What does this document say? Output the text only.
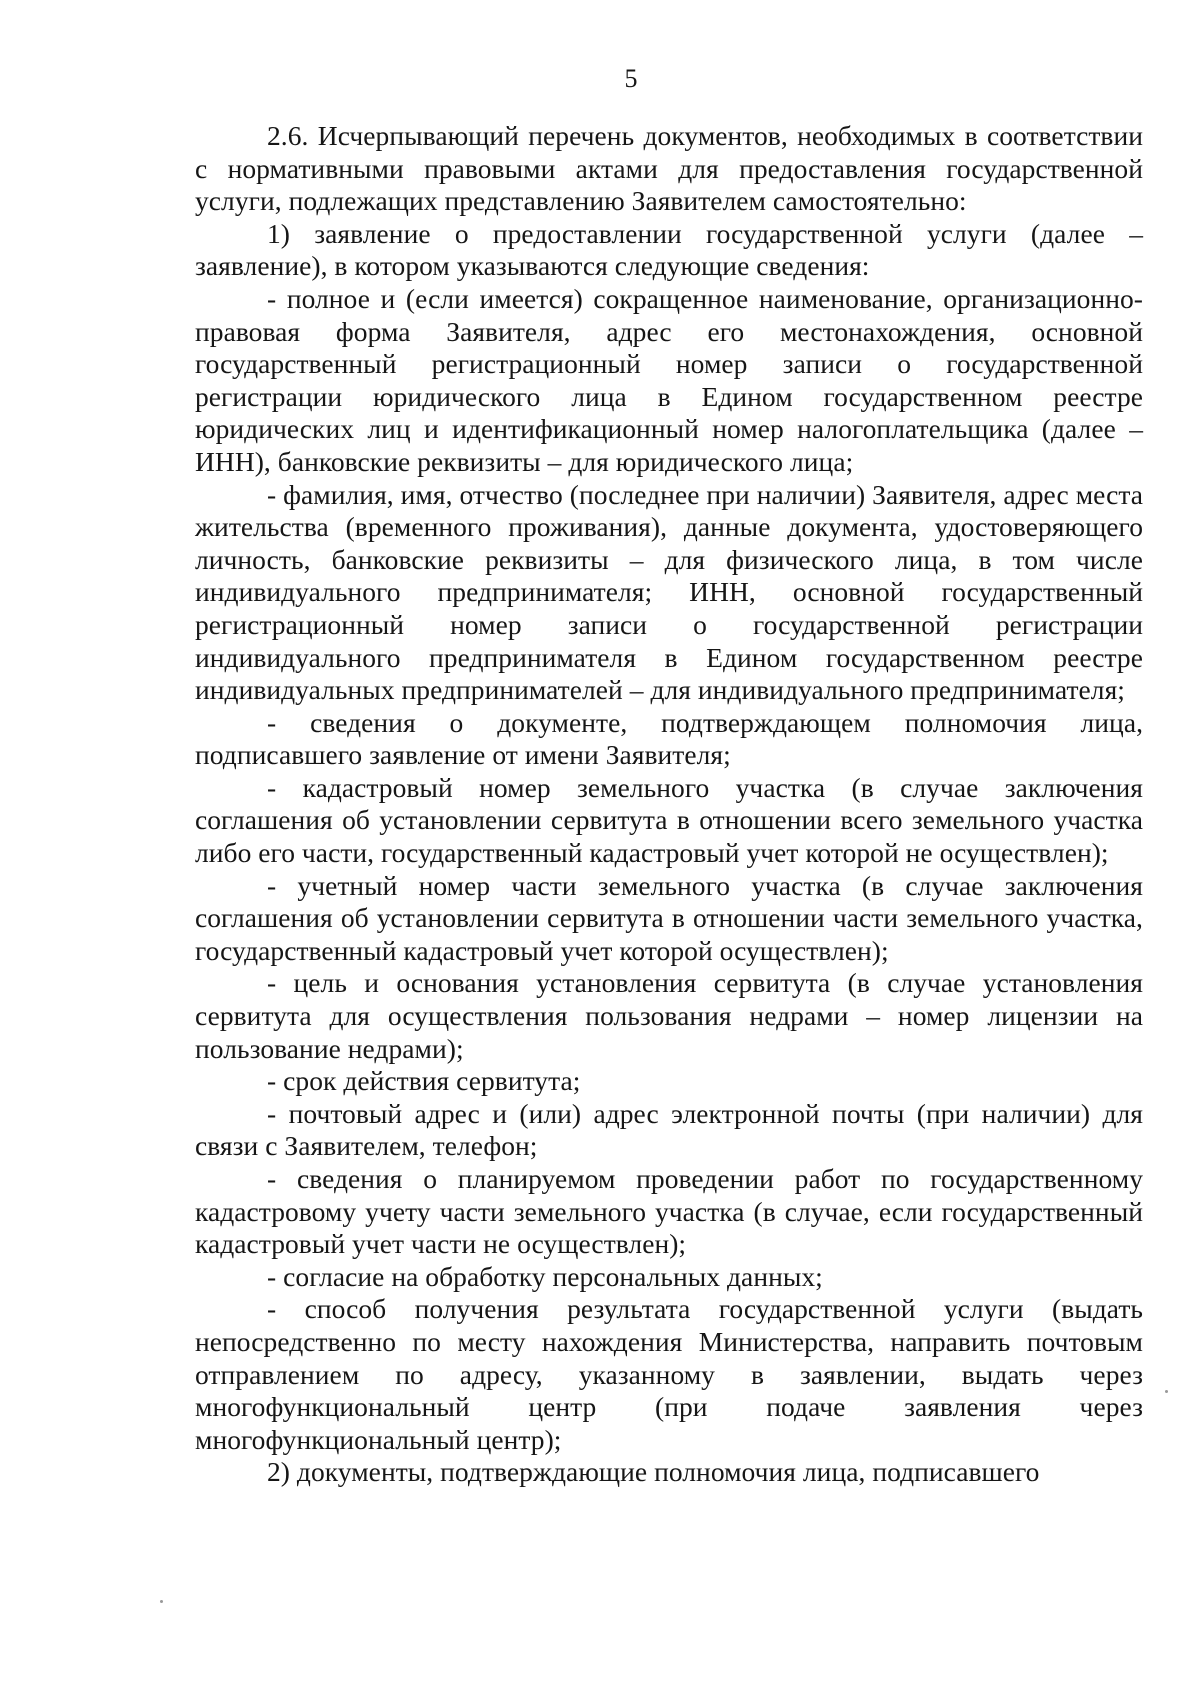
5

2.6. Исчерпывающий перечень документов, необходимых в соответствии с нормативными правовыми актами для предоставления государственной услуги, подлежащих представлению Заявителем самостоятельно:

1) заявление о предоставлении государственной услуги (далее – заявление), в котором указываются следующие сведения:

- полное и (если имеется) сокращенное наименование, организационно-правовая форма Заявителя, адрес его местонахождения, основной государственный регистрационный номер записи о государственной регистрации юридического лица в Едином государственном реестре юридических лиц и идентификационный номер налогоплательщика (далее – ИНН), банковские реквизиты – для юридического лица;

- фамилия, имя, отчество (последнее при наличии) Заявителя, адрес места жительства (временного проживания), данные документа, удостоверяющего личность, банковские реквизиты – для физического лица, в том числе индивидуального предпринимателя; ИНН, основной государственный регистрационный номер записи о государственной регистрации индивидуального предпринимателя в Едином государственном реестре индивидуальных предпринимателей – для индивидуального предпринимателя;

- сведения о документе, подтверждающем полномочия лица, подписавшего заявление от имени Заявителя;

- кадастровый номер земельного участка (в случае заключения соглашения об установлении сервитута в отношении всего земельного участка либо его части, государственный кадастровый учет которой не осуществлен);

- учетный номер части земельного участка (в случае заключения соглашения об установлении сервитута в отношении части земельного участка, государственный кадастровый учет которой осуществлен);

- цель и основания установления сервитута (в случае установления сервитута для осуществления пользования недрами – номер лицензии на пользование недрами);

- срок действия сервитута;

- почтовый адрес и (или) адрес электронной почты (при наличии) для связи с Заявителем, телефон;

- сведения о планируемом проведении работ по государственному кадастровому учету части земельного участка (в случае, если государственный кадастровый учет части не осуществлен);

- согласие на обработку персональных данных;

- способ получения результата государственной услуги (выдать непосредственно по месту нахождения Министерства, направить почтовым отправлением по адресу, указанному в заявлении, выдать через многофункциональный центр (при подаче заявления через многофункциональный центр);

2) документы, подтверждающие полномочия лица, подписавшего
